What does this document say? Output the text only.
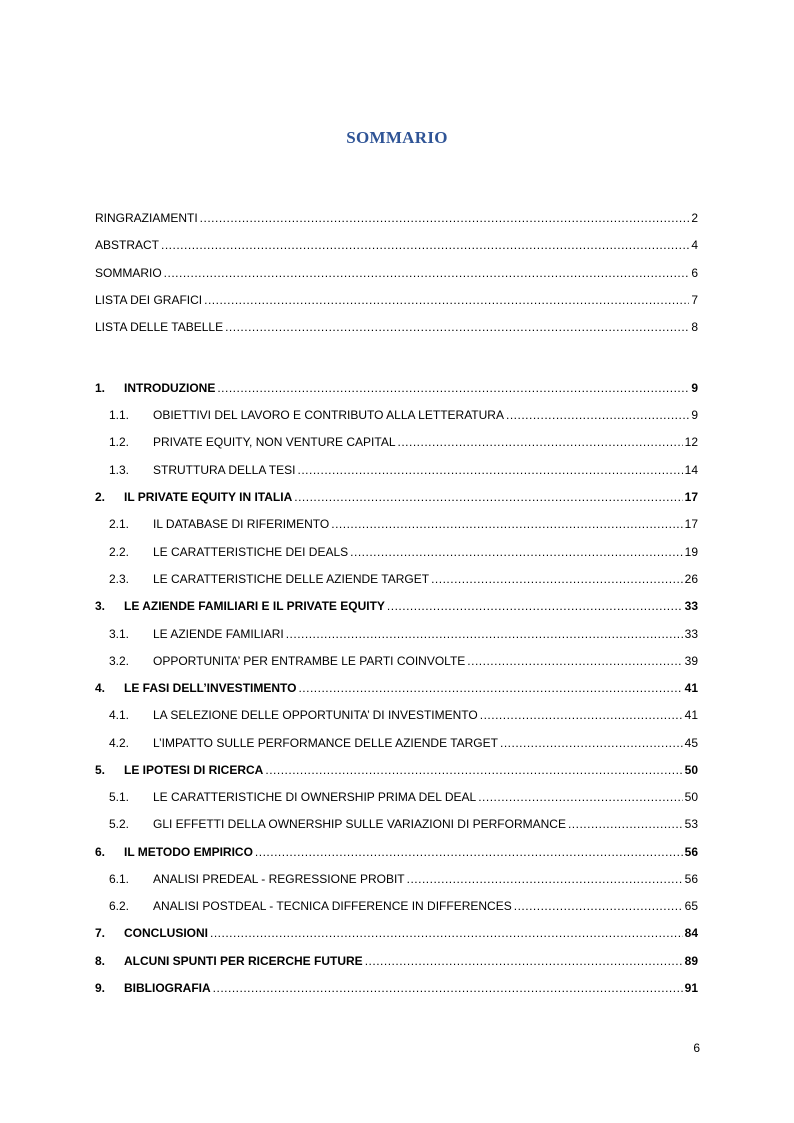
SOMMARIO
RINGRAZIAMENTI .....	2
ABSTRACT .....	4
SOMMARIO .....	6
LISTA DEI GRAFICI .....	7
LISTA DELLE TABELLE .....	8
1.	INTRODUZIONE .....	9
1.1.	OBIETTIVI DEL LAVORO E CONTRIBUTO ALLA LETTERATURA .....	9
1.2.	PRIVATE EQUITY, NON VENTURE CAPITAL .....	12
1.3.	STRUTTURA DELLA TESI .....	14
2.	IL PRIVATE EQUITY IN ITALIA .....	17
2.1.	IL DATABASE DI RIFERIMENTO .....	17
2.2.	LE CARATTERISTICHE DEI DEALS .....	19
2.3.	LE CARATTERISTICHE DELLE AZIENDE TARGET .....	26
3.	LE AZIENDE FAMILIARI E IL PRIVATE EQUITY .....	33
3.1.	LE AZIENDE FAMILIARI .....	33
3.2.	OPPORTUNITA’ PER ENTRAMBE LE PARTI COINVOLTE .....	39
4.	LE FASI DELL’INVESTIMENTO .....	41
4.1.	LA SELEZIONE DELLE OPPORTUNITA’ DI INVESTIMENTO .....	41
4.2.	L’IMPATTO SULLE PERFORMANCE DELLE AZIENDE TARGET .....	45
5.	LE IPOTESI DI RICERCA .....	50
5.1.	LE CARATTERISTICHE DI OWNERSHIP PRIMA DEL DEAL .....	50
5.2.	GLI EFFETTI DELLA OWNERSHIP SULLE VARIAZIONI DI PERFORMANCE .....	53
6.	IL METODO EMPIRICO .....	56
6.1.	ANALISI PREDEAL - REGRESSIONE PROBIT .....	56
6.2.	ANALISI POSTDEAL - TECNICA DIFFERENCE IN DIFFERENCES .....	65
7.	CONCLUSIONI .....	84
8.	ALCUNI SPUNTI PER RICERCHE FUTURE .....	89
9.	BIBLIOGRAFIA .....	91
6
